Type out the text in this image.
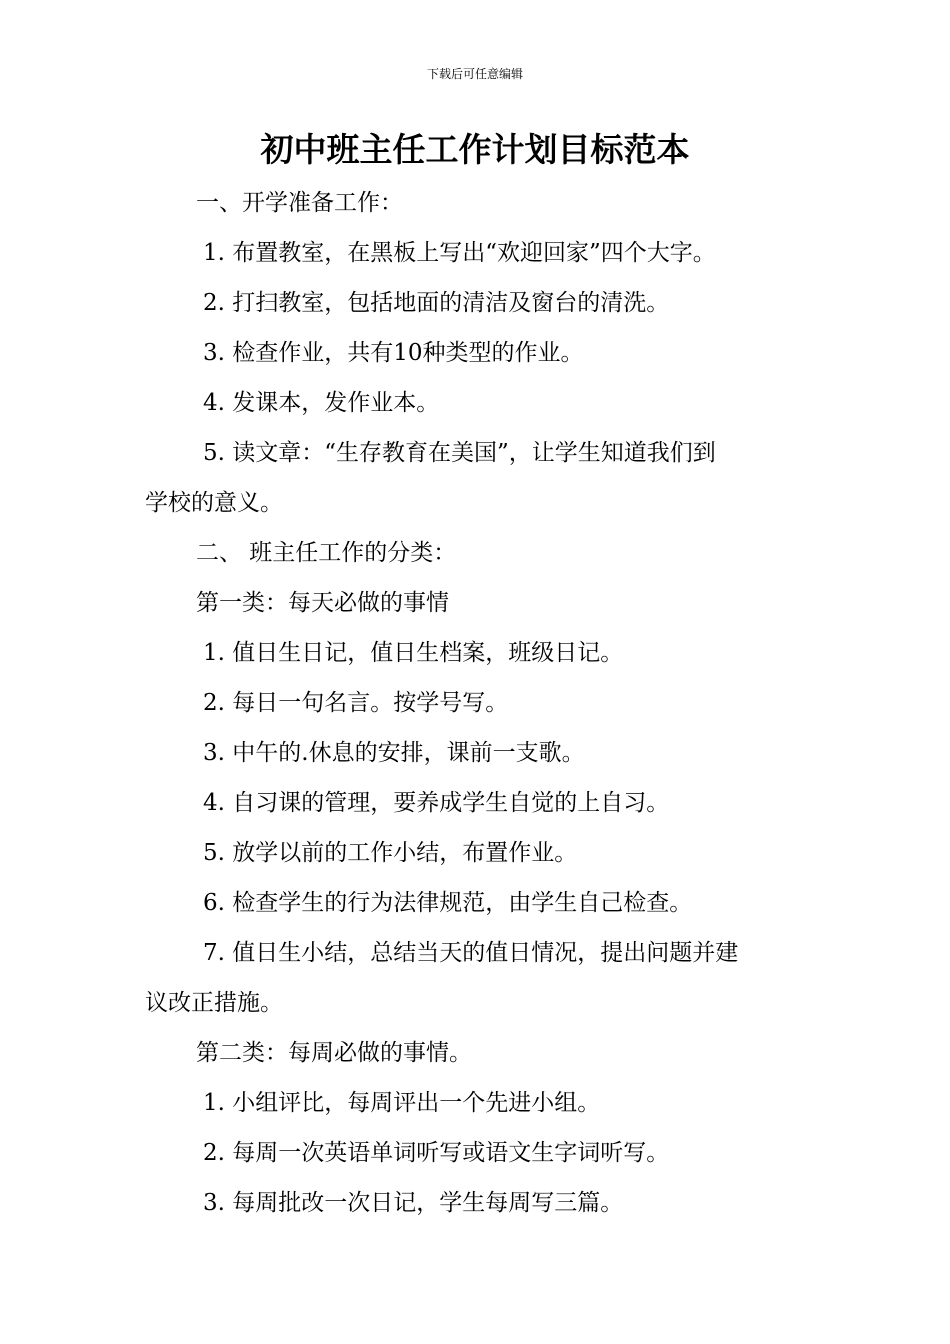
下载后可任意编辑
初中班主任工作计划目标范本

一、开学准备工作：

1. 布置教室，在黑板上写出“欢迎回家”四个大字。

2. 打扫教室，包括地面的清洁及窗台的清洗。

3. 检查作业，共有10种类型的作业。

4. 发课本，发作业本。

5. 读文章：“生存教育在美国”，让学生知道我们到

学校的意义。

二、 班主任工作的分类：

第一类：每天必做的事情

1. 值日生日记，值日生档案，班级日记。

2. 每日一句名言。按学号写。

3. 中午的.休息的安排，课前一支歌。

4. 自习课的管理，要养成学生自觉的上自习。

5. 放学以前的工作小结，布置作业。

6. 检查学生的行为法律规范，由学生自己检查。

7. 值日生小结，总结当天的值日情况，提出问题并建

议改正措施。

第二类：每周必做的事情。

1. 小组评比，每周评出一个先进小组。

2. 每周一次英语单词听写或语文生字词听写。

3. 每周批改一次日记，学生每周写三篇。
